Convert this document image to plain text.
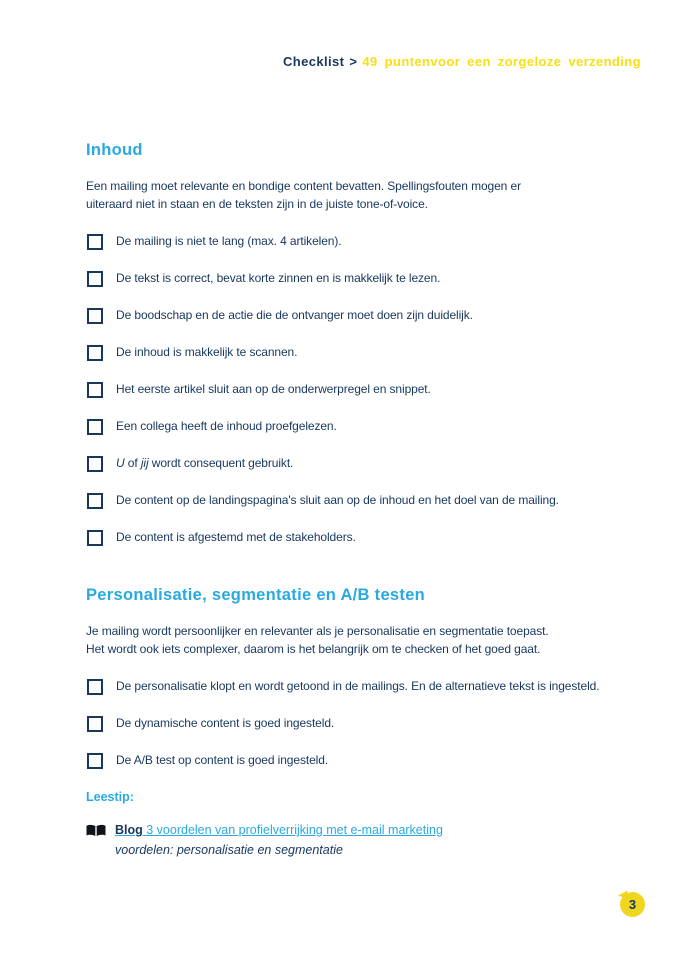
Checklist > 49 puntenvoor een zorgeloze verzending
Inhoud

Een mailing moet relevante en bondige content bevatten. Spellingsfouten mogen er
uiteraard niet in staan en de teksten zijn in de juiste tone-of-voice.

De mailing is niet te lang (max. 4 artikelen).
De tekst is correct, bevat korte zinnen en is makkelijk te lezen.
De boodschap en de actie die de ontvanger moet doen zijn duidelijk.
De inhoud is makkelijk te scannen.
Het eerste artikel sluit aan op de onderwerpregel en snippet.
Een collega heeft de inhoud proefgelezen.
U of jij wordt consequent gebruikt.
De content op de landingspagina's sluit aan op de inhoud en het doel van de mailing.
De content is afgestemd met de stakeholders.
Personalisatie, segmentatie en A/B testen

Je mailing wordt persoonlijker en relevanter als je personalisatie en segmentatie toepast.
Het wordt ook iets complexer, daarom is het belangrijk om te checken of het goed gaat.

De personalisatie klopt en wordt getoond in de mailings. En de alternatieve tekst is ingesteld.
De dynamische content is goed ingesteld.
De A/B test op content is goed ingesteld.
Leestip:
Blog 3 voordelen van profielverrijking met e-mail marketing
voordelen: personalisatie en segmentatie
3
